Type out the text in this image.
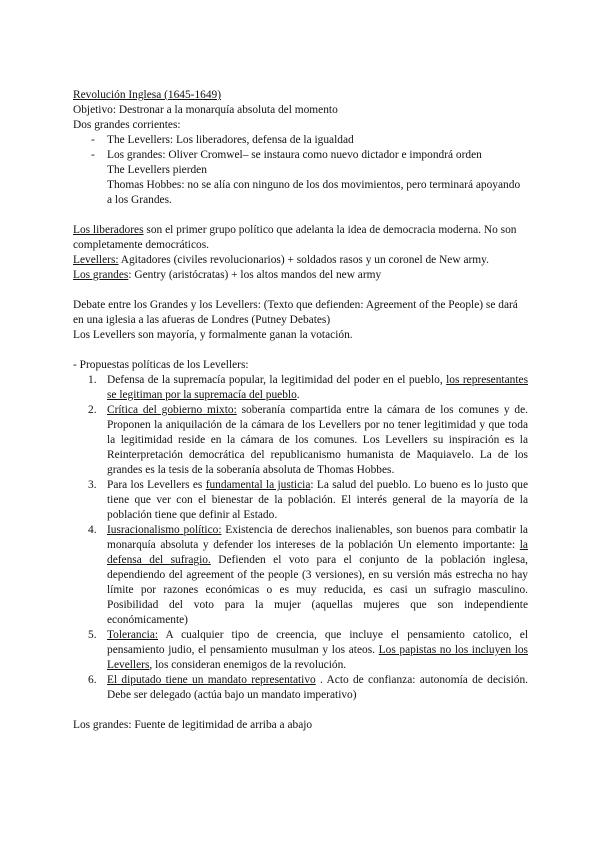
Revolución Inglesa (1645-1649)

Objetivo: Destronar a la monarquía absoluta del momento

Dos grandes corrientes:

- The Levellers: Los liberadores, defensa de la igualdad
- Los grandes: Oliver Cromwel– se instaura como nuevo dictador e impondrá orden

The Levellers pierden

Thomas Hobbes: no se alía con ninguno de los dos movimientos, pero terminará apoyando a los Grandes.

Los liberadores son el primer grupo político que adelanta la idea de democracia moderna. No son completamente democráticos.

Levellers: Agitadores (civiles revolucionarios) + soldados rasos y un coronel de New army.

Los grandes: Gentry (aristócratas) + los altos mandos del new army

Debate entre los Grandes y los Levellers: (Texto que defienden: Agreement of the People) se dará en una iglesia a las afueras de Londres (Putney Debates)

Los Levellers son mayoría, y formalmente ganan la votación.

- Propuestas políticas de los Levellers:

1. Defensa de la supremacía popular, la legitimidad del poder en el pueblo, los representantes se legitiman por la supremacía del pueblo.
2. Crítica del gobierno mixto: soberanía compartida entre la cámara de los comunes y de. Proponen la aniquilación de la cámara de los Levellers por no tener legitimidad y que toda la legitimidad reside en la cámara de los comunes. Los Levellers su inspiración es la Reinterpretación democrática del republicanismo humanista de Maquiavelo. La de los grandes es la tesis de la soberanía absoluta de Thomas Hobbes.
3. Para los Levellers es fundamental la justicia: La salud del pueblo. Lo bueno es lo justo que tiene que ver con el bienestar de la población. El interés general de la mayoría de la población tiene que definir al Estado.
4. Iusracionalismo político: Existencia de derechos inalienables, son buenos para combatir la monarquía absoluta y defender los intereses de la población Un elemento importante: la defensa del sufragio. Defienden el voto para el conjunto de la población inglesa, dependiendo del agreement of the people (3 versiones), en su versión más estrecha no hay límite por razones económicas o es muy reducida, es casi un sufragio masculino. Posibilidad del voto para la mujer (aquellas mujeres que son independiente económicamente)
5. Tolerancia: A cualquier tipo de creencia, que incluye el pensamiento catolico, el pensamiento judio, el pensamiento musulman y los ateos. Los papistas no los incluyen los Levellers, los consideran enemigos de la revolución.
6. El diputado tiene un mandato representativo . Acto de confianza: autonomía de decisión. Debe ser delegado (actúa bajo un mandato imperativo)

Los grandes: Fuente de legitimidad de arriba a abajo
